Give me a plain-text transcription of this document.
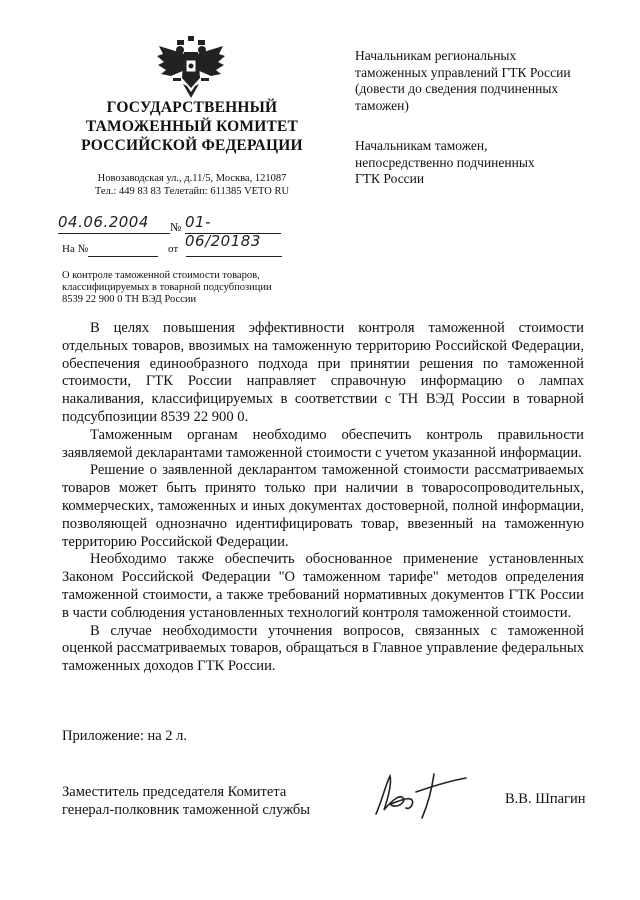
ГОСУДАРСТВЕННЫЙ
ТАМОЖЕННЫЙ КОМИТЕТ
РОССИЙСКОЙ ФЕДЕРАЦИИ
Новозаводская ул., д.11/5, Москва, 121087
Тел.: 449 83 83 Телетайп: 611385 VETO RU
Начальникам региональных
таможенных управлений ГТК России
(довести до сведения подчиненных
таможен)
Начальникам таможен,
непосредственно подчиненных
ГТК России
04.06.2004	№ 01-06/20183
На №	от
О контроле таможенной стоимости товаров,
классифицируемых в товарной подсубпозиции
8539 22 900 0 ТН ВЭД России

В целях повышения эффективности контроля таможенной стоимости отдельных товаров, ввозимых на таможенную территорию Российской Федерации, обеспечения единообразного подхода при принятии решения по таможенной стоимости, ГТК России направляет справочную информацию о лампах накаливания, классифицируемых в соответствии с ТН ВЭД России в товарной подсубпозиции 8539 22 900 0.

Таможенным органам необходимо обеспечить контроль правильности заявляемой декларантами таможенной стоимости с учетом указанной информации.

Решение о заявленной декларантом таможенной стоимости рассматриваемых товаров может быть принято только при наличии в товаросопроводительных, коммерческих, таможенных и иных документах достоверной, полной информации, позволяющей однозначно идентифицировать товар, ввезенный на таможенную территорию Российской Федерации.

Необходимо также обеспечить обоснованное применение установленных Законом Российской Федерации "О таможенном тарифе" методов определения таможенной стоимости, а также требований нормативных документов ГТК России в части соблюдения установленных технологий контроля таможенной стоимости.

В случае необходимости уточнения вопросов, связанных с таможенной оценкой рассматриваемых товаров, обращаться в Главное управление федеральных таможенных доходов ГТК России.

Приложение: на 2 л.
Заместитель председателя Комитета
генерал-полковник таможенной службы
В.В. Шпагин
